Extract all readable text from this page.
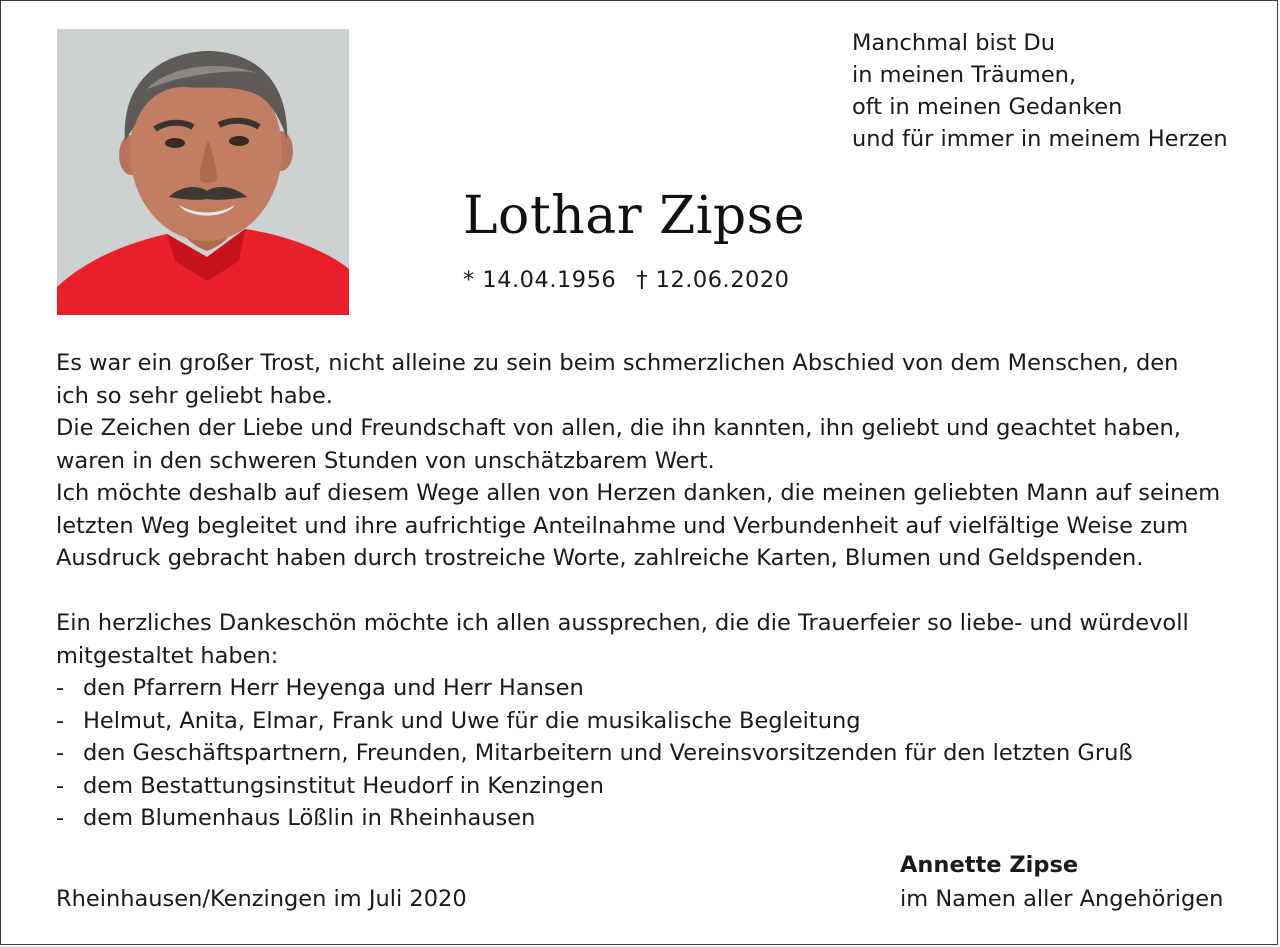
Manchmal bist Du
in meinen Träumen,
oft in meinen Gedanken
und für immer in meinem Herzen
Lothar Zipse
* 14.04.1956 † 12.06.2020
Es war ein großer Trost, nicht alleine zu sein beim schmerzlichen Abschied von dem Menschen, den
ich so sehr geliebt habe.
Die Zeichen der Liebe und Freundschaft von allen, die ihn kannten, ihn geliebt und geachtet haben,
waren in den schweren Stunden von unschätzbarem Wert.
Ich möchte deshalb auf diesem Wege allen von Herzen danken, die meinen geliebten Mann auf seinem
letzten Weg begleitet und ihre aufrichtige Anteilnahme und Verbundenheit auf vielfältige Weise zum
Ausdruck gebracht haben durch trostreiche Worte, zahlreiche Karten, Blumen und Geldspenden.
Ein herzliches Dankeschön möchte ich allen aussprechen, die die Trauerfeier so liebe- und würdevoll
mitgestaltet haben:
- den Pfarrern Herr Heyenga und Herr Hansen
- Helmut, Anita, Elmar, Frank und Uwe für die musikalische Begleitung
- den Geschäftspartnern, Freunden, Mitarbeitern und Vereinsvorsitzenden für den letzten Gruß
- dem Bestattungsinstitut Heudorf in Kenzingen
- dem Blumenhaus Lößlin in Rheinhausen
Annette Zipse
im Namen aller Angehörigen
Rheinhausen/Kenzingen im Juli 2020
